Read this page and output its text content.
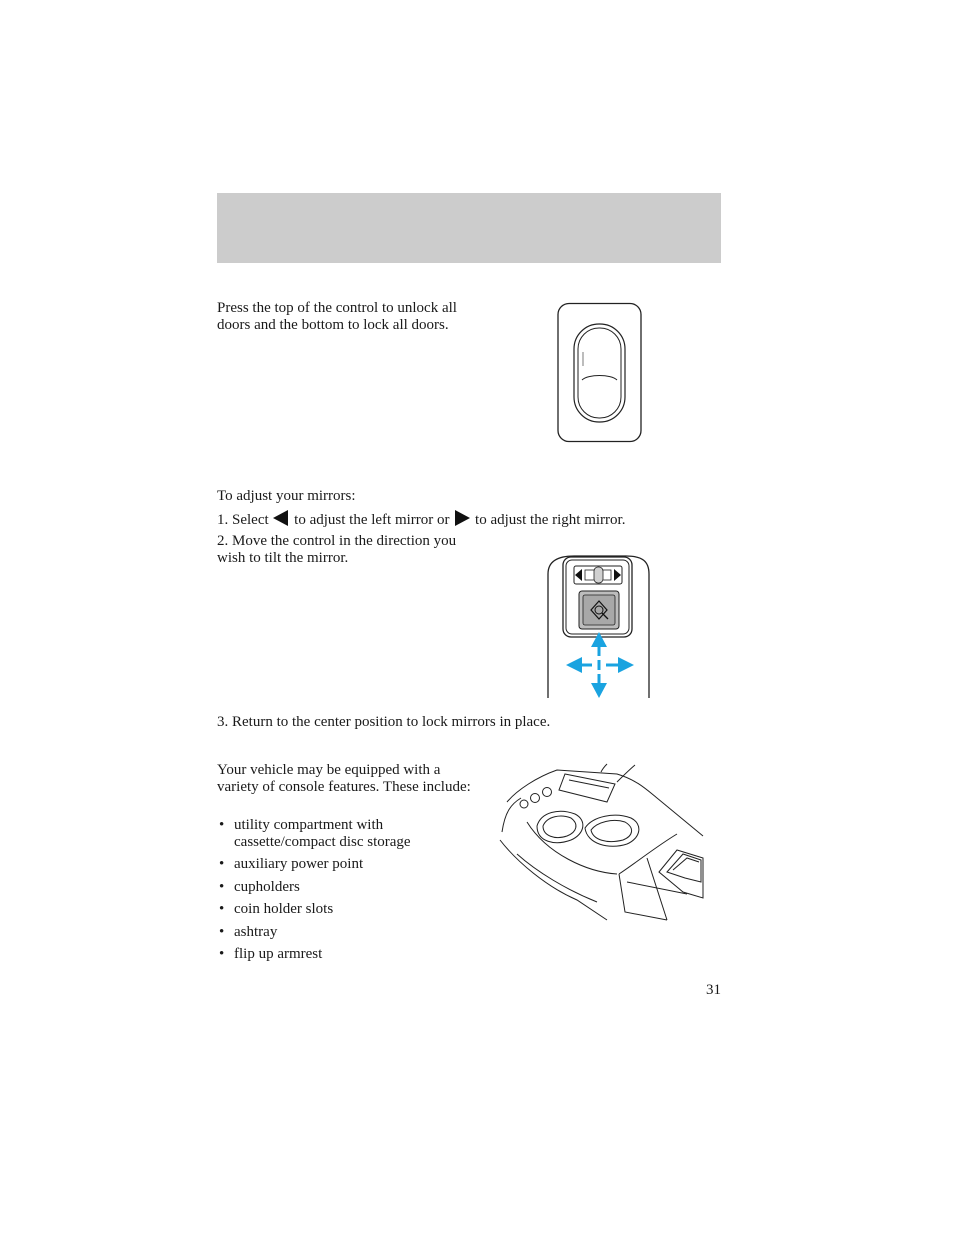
Press the top of the control to unlock all doors and the bottom to lock all doors.
To adjust your mirrors:
1. Select to adjust the left mirror or to adjust the right mirror.
2. Move the control in the direction you wish to tilt the mirror.
3. Return to the center position to lock mirrors in place.
Your vehicle may be equipped with a variety of console features. These include:
• utility compartment with cassette/compact disc storage
• auxiliary power point
• cupholders
• coin holder slots
• ashtray
• flip up armrest
31
